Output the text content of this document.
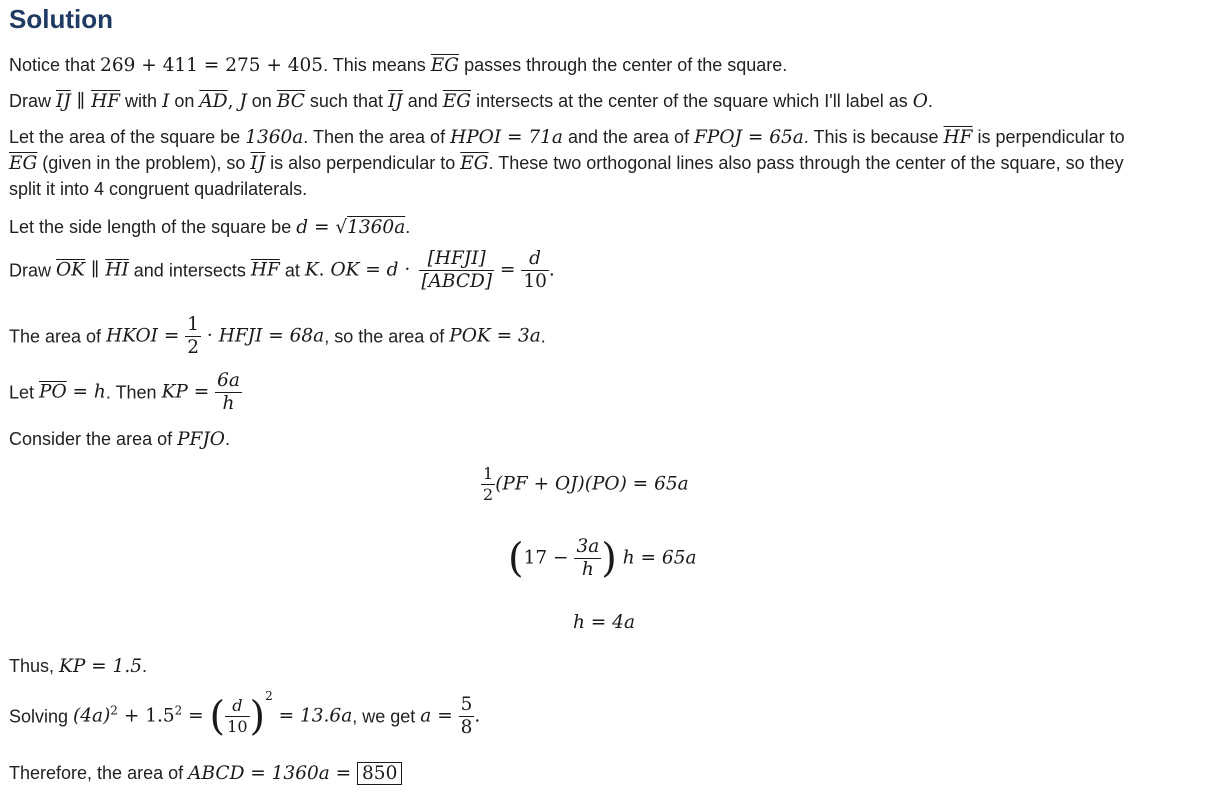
Solution
Notice that 269 + 411 = 275 + 405. This means $\overline{EG}$ passes through the center of the square.
Draw $\overline{IJ}$ ∥ $\overline{HF}$ with I on $\overline{AD}$, J on $\overline{BC}$ such that $\overline{IJ}$ and $\overline{EG}$ intersects at the center of the square which I'll label as O.
Let the area of the square be 1360a. Then the area of HPOI = 71a and the area of FPOJ = 65a. This is because $\overline{HF}$ is perpendicular to
$\overline{EG}$ (given in the problem), so $\overline{IJ}$ is also perpendicular to $\overline{EG}$. These two orthogonal lines also pass through the center of the square, so they
split it into 4 congruent quadrilaterals.
Let the side length of the square be d = √1360a.
Draw $\overline{OK}$ ∥ $\overline{HI}$ and intersects $\overline{HF}$ at K. OK = $d \cdot \frac{\text{[HFJI]}}{\text{[ABCD]}} = \frac{d}{10}$ .
The area of HKOI = $\frac{1}{2}$ · HFJI = 68a, so the area of POK = 3a.
Let $\overline{PO} = h$. Then KP = $\frac{6a}{h}$
Consider the area of PFJO.
$\frac{1}{2} (PF + OJ)(PO) = 65a$
($17 - \frac{3a}{h}$ ) h = 65a
h = 4a
Thus, KP = 1.5.
Solving $(4a)^2 + 1.5^2$ = ( $\frac{d}{10} )^2 = 13.6a$, we get $a = \frac{5}{8}$ .
Therefore, the area of ABCD = 1360a = 850
